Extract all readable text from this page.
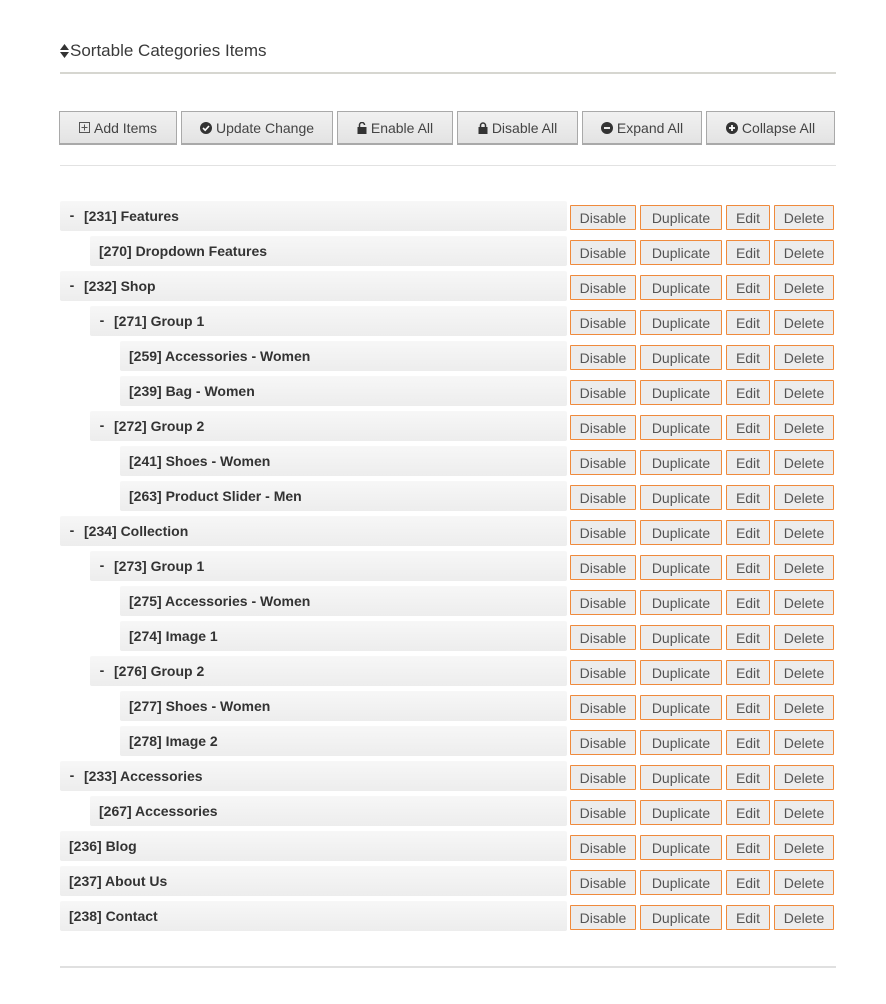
Sortable Categories Items
Add Items	Update Change	Enable All	Disable All	Expand All	Collapse All
- [231] Features	Disable	Duplicate	Edit	Delete
[270] Dropdown Features	Disable	Duplicate	Edit	Delete
- [232] Shop	Disable	Duplicate	Edit	Delete
- [271] Group 1	Disable	Duplicate	Edit	Delete
[259] Accessories - Women	Disable	Duplicate	Edit	Delete
[239] Bag - Women	Disable	Duplicate	Edit	Delete
- [272] Group 2	Disable	Duplicate	Edit	Delete
[241] Shoes - Women	Disable	Duplicate	Edit	Delete
[263] Product Slider - Men	Disable	Duplicate	Edit	Delete
- [234] Collection	Disable	Duplicate	Edit	Delete
- [273] Group 1	Disable	Duplicate	Edit	Delete
[275] Accessories - Women	Disable	Duplicate	Edit	Delete
[274] Image 1	Disable	Duplicate	Edit	Delete
- [276] Group 2	Disable	Duplicate	Edit	Delete
[277] Shoes - Women	Disable	Duplicate	Edit	Delete
[278] Image 2	Disable	Duplicate	Edit	Delete
- [233] Accessories	Disable	Duplicate	Edit	Delete
[267] Accessories	Disable	Duplicate	Edit	Delete
[236] Blog	Disable	Duplicate	Edit	Delete
[237] About Us	Disable	Duplicate	Edit	Delete
[238] Contact	Disable	Duplicate	Edit	Delete
